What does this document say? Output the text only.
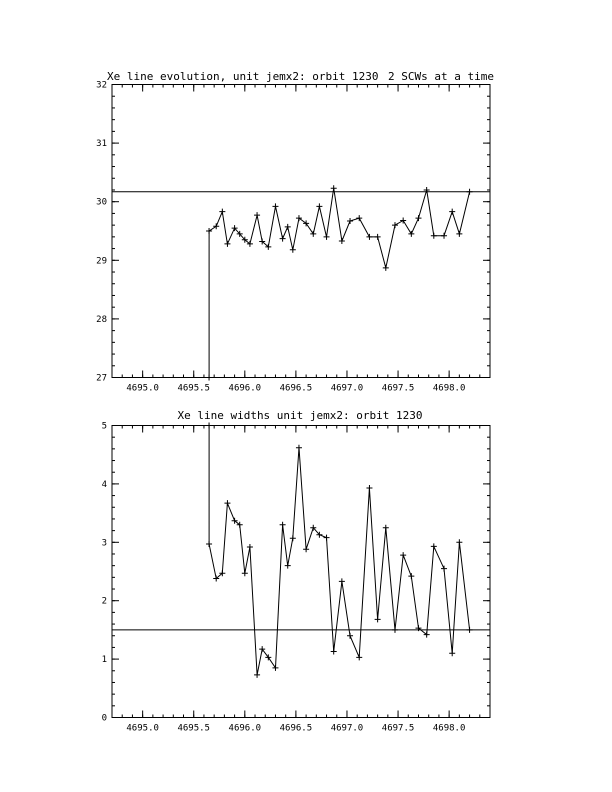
Xe line evolution, unit jemx2: orbit 1230 2 SCWs at a time
4695.0 4695.5 4696.0 4696.5 4697.0 4697.5 4698.0
27
28
29
30
31
32
Xe line widths unit jemx2: orbit 1230
4695.0 4695.5 4696.0 4696.5 4697.0 4697.5 4698.0
0
1
2
3
4
5
